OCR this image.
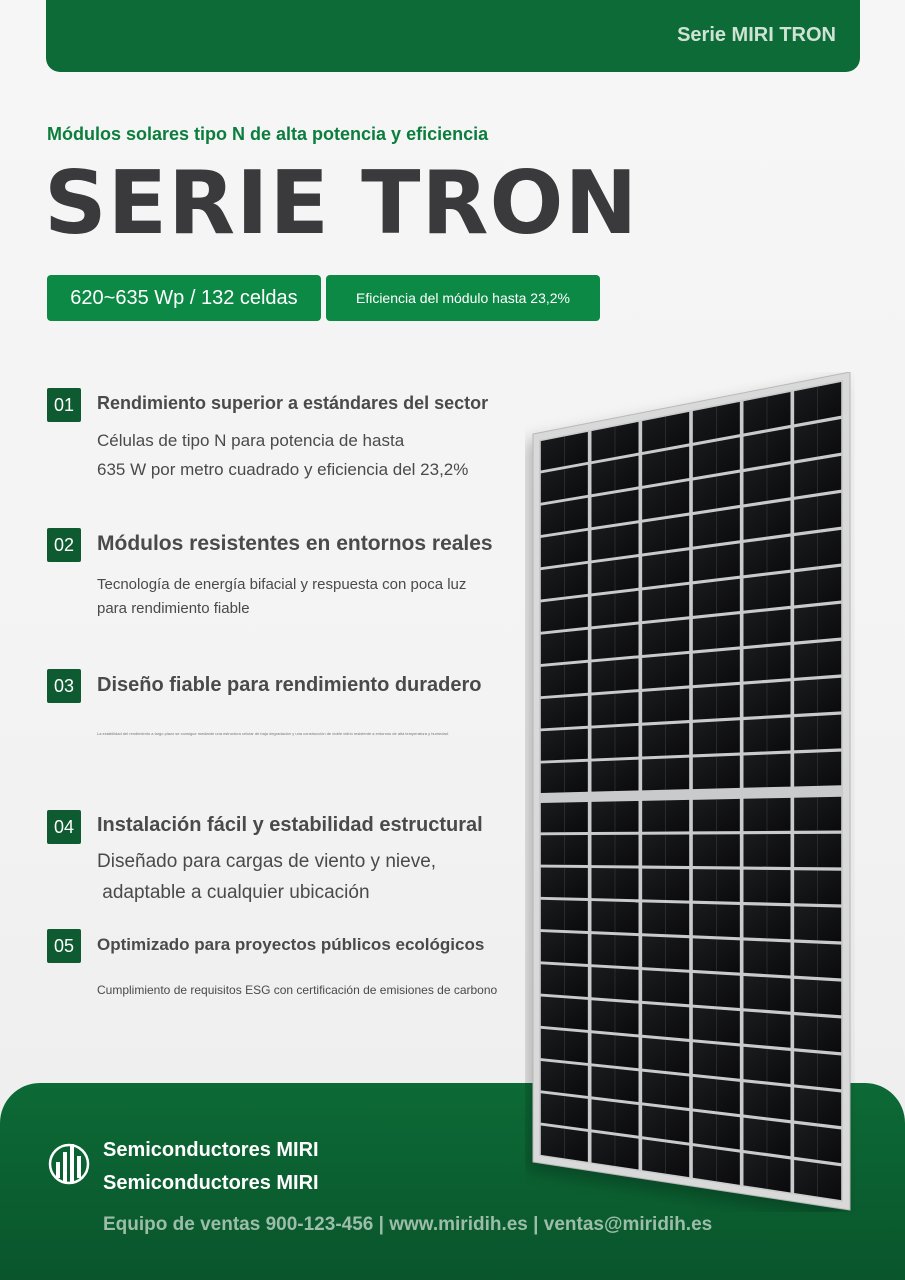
Serie MIRI TRON
Módulos solares tipo N de alta potencia y eficiencia
SERIE TRON
620~635 Wp / 132 celdas	Eficiencia del módulo hasta 23,2%
01	Rendimiento superior a estándares del sector
Células de tipo N para potencia de hasta
635 W por metro cuadrado y eficiencia del 23,2%
02	Módulos resistentes en entornos reales
Tecnología de energía bifacial y respuesta con poca luz
para rendimiento fiable
03	Diseño fiable para rendimiento duradero
La estabilidad del rendimiento a largo plazo se consigue mediante una estructura celular de baja degradación y una construcción de doble vidrio resistente a entornos de alta temperatura y humedad.
04	Instalación fácil y estabilidad estructural
Diseñado para cargas de viento y nieve,
adaptable a cualquier ubicación
05	Optimizado para proyectos públicos ecológicos
Cumplimiento de requisitos ESG con certificación de emisiones de carbono
Semiconductores MIRI
Semiconductores MIRI
Equipo de ventas 900-123-456 | www.miridih.es | ventas@miridih.es
